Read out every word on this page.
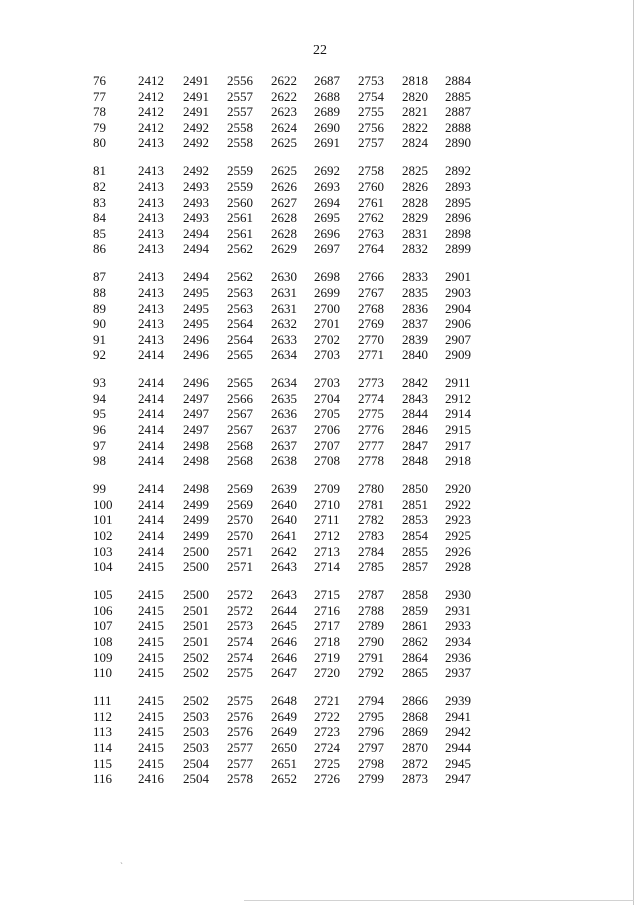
22
76 2412 2491 2556 2622 2687 2753 2818 2884
77 2412 2491 2557 2622 2688 2754 2820 2885
78 2412 2491 2557 2623 2689 2755 2821 2887
79 2412 2492 2558 2624 2690 2756 2822 2888
80 2413 2492 2558 2625 2691 2757 2824 2890
81 2413 2492 2559 2625 2692 2758 2825 2892
82 2413 2493 2559 2626 2693 2760 2826 2893
83 2413 2493 2560 2627 2694 2761 2828 2895
84 2413 2493 2561 2628 2695 2762 2829 2896
85 2413 2494 2561 2628 2696 2763 2831 2898
86 2413 2494 2562 2629 2697 2764 2832 2899
87 2413 2494 2562 2630 2698 2766 2833 2901
88 2413 2495 2563 2631 2699 2767 2835 2903
89 2413 2495 2563 2631 2700 2768 2836 2904
90 2413 2495 2564 2632 2701 2769 2837 2906
91 2413 2496 2564 2633 2702 2770 2839 2907
92 2414 2496 2565 2634 2703 2771 2840 2909
93 2414 2496 2565 2634 2703 2773 2842 2911
94 2414 2497 2566 2635 2704 2774 2843 2912
95 2414 2497 2567 2636 2705 2775 2844 2914
96 2414 2497 2567 2637 2706 2776 2846 2915
97 2414 2498 2568 2637 2707 2777 2847 2917
98 2414 2498 2568 2638 2708 2778 2848 2918
99 2414 2498 2569 2639 2709 2780 2850 2920
100 2414 2499 2569 2640 2710 2781 2851 2922
101 2414 2499 2570 2640 2711 2782 2853 2923
102 2414 2499 2570 2641 2712 2783 2854 2925
103 2414 2500 2571 2642 2713 2784 2855 2926
104 2415 2500 2571 2643 2714 2785 2857 2928
105 2415 2500 2572 2643 2715 2787 2858 2930
106 2415 2501 2572 2644 2716 2788 2859 2931
107 2415 2501 2573 2645 2717 2789 2861 2933
108 2415 2501 2574 2646 2718 2790 2862 2934
109 2415 2502 2574 2646 2719 2791 2864 2936
110 2415 2502 2575 2647 2720 2792 2865 2937
111 2415 2502 2575 2648 2721 2794 2866 2939
112 2415 2503 2576 2649 2722 2795 2868 2941
113 2415 2503 2576 2649 2723 2796 2869 2942
114 2415 2503 2577 2650 2724 2797 2870 2944
115 2415 2504 2577 2651 2725 2798 2872 2945
116 2416 2504 2578 2652 2726 2799 2873 2947
ˎ
